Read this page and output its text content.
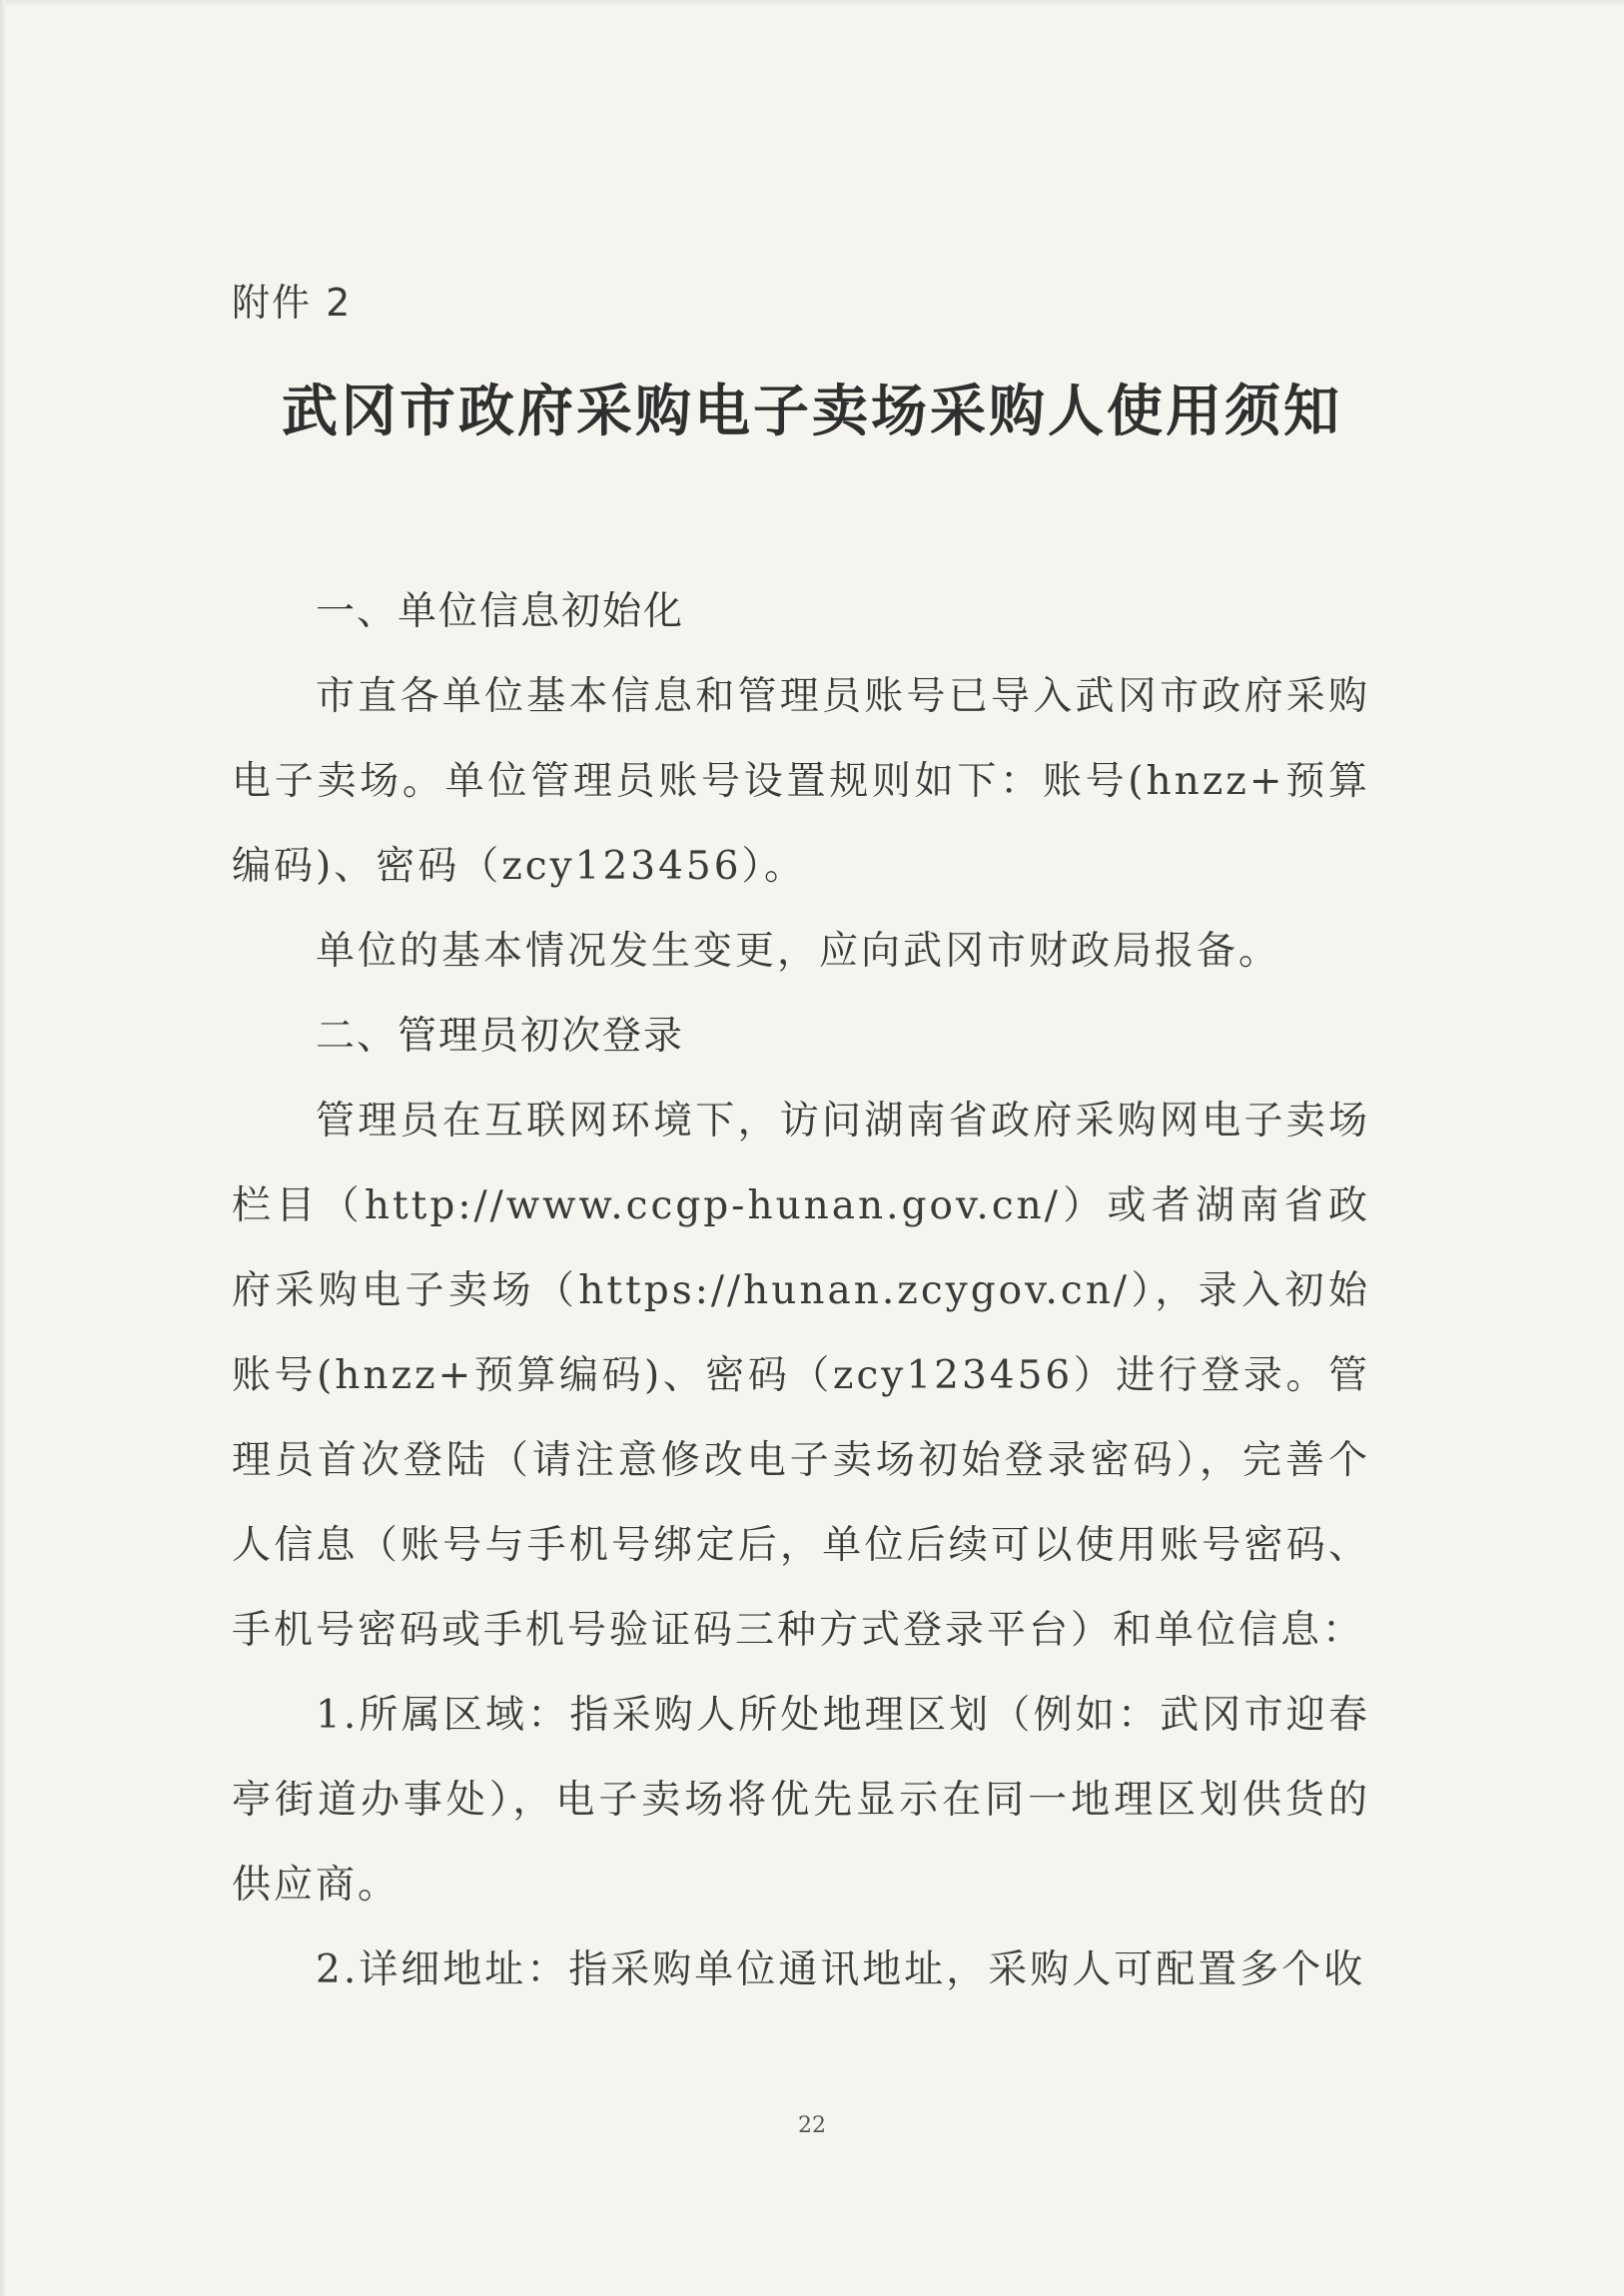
附件 2
武冈市政府采购电子卖场采购人使用须知
一、单位信息初始化

市直各单位基本信息和管理员账号已导入武冈市政府采购电子卖场。单位管理员账号设置规则如下：账号(hnzz+预算编码)、密码（zcy123456）。

单位的基本情况发生变更，应向武冈市财政局报备。

二、管理员初次登录

管理员在互联网环境下，访问湖南省政府采购网电子卖场栏目（http://www.ccgp-hunan.gov.cn/）或者湖南省政府采购电子卖场（https://hunan.zcygov.cn/），录入初始账号(hnzz+预算编码)、密码（zcy123456）进行登录。管理员首次登陆（请注意修改电子卖场初始登录密码），完善个人信息（账号与手机号绑定后，单位后续可以使用账号密码、手机号密码或手机号验证码三种方式登录平台）和单位信息：

1.所属区域：指采购人所处地理区划（例如：武冈市迎春亭街道办事处），电子卖场将优先显示在同一地理区划供货的供应商。

2.详细地址：指采购单位通讯地址，采购人可配置多个收

22
